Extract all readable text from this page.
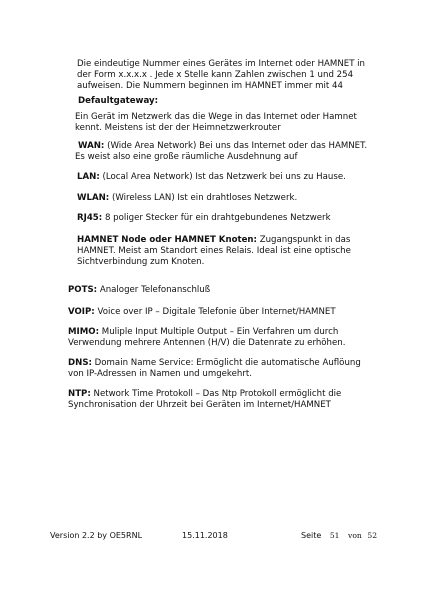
Die eindeutige Nummer eines Gerätes im Internet oder HAMNET in
der Form x.x.x.x . Jede x Stelle kann Zahlen zwischen 1 und 254
aufweisen. Die Nummern beginnen im HAMNET immer mit 44
Defaultgateway:
Ein Gerät im Netzwerk das die Wege in das Internet oder Hamnet
kennt. Meistens ist der der Heimnetzwerkrouter
WAN: (Wide Area Network) Bei uns das Internet oder das HAMNET.
Es weist also eine große räumliche Ausdehnung auf
LAN: (Local Area Network) Ist das Netzwerk bei uns zu Hause.
WLAN: (Wireless LAN) Ist ein drahtloses Netzwerk.
RJ45: 8 poliger Stecker für ein drahtgebundenes Netzwerk
HAMNET Node oder HAMNET Knoten: Zugangspunkt in das
HAMNET. Meist am Standort eines Relais. Ideal ist eine optische
Sichtverbindung zum Knoten.
POTS: Analoger Telefonanschluß
VOIP: Voice over IP – Digitale Telefonie über Internet/HAMNET
MIMO: Muliple Input Multiple Output – Ein Verfahren um durch
Verwendung mehrere Antennen (H/V) die Datenrate zu erhöhen.
DNS: Domain Name Service: Ermöglicht die automatische Auflöung
von IP-Adressen in Namen und umgekehrt.
NTP: Network Time Protokoll – Das Ntp Protokoll ermöglicht die
Synchronisation der Uhrzeit bei Geräten im Internet/HAMNET
Version 2.2 by OE5RNL	15.11.2018	Seite 51 von 52
